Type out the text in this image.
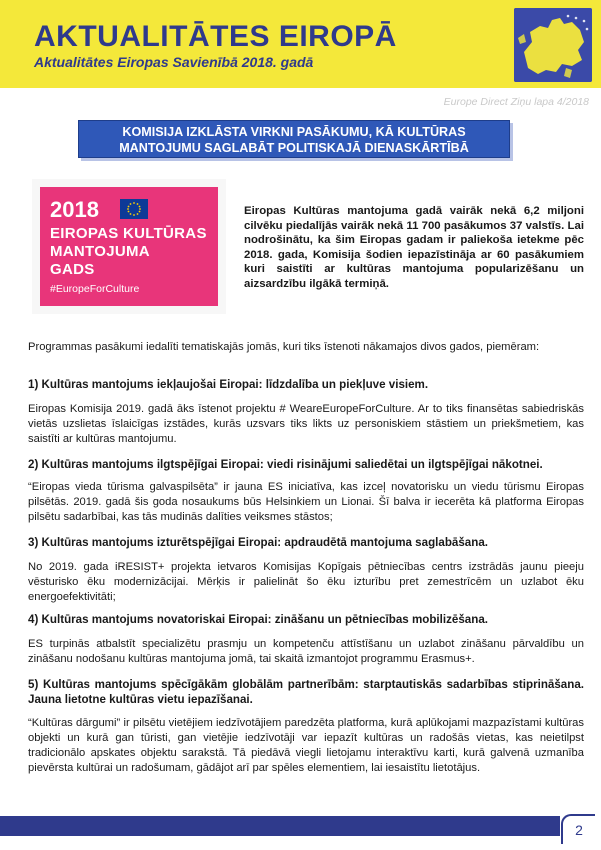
AKTUALITĀTES EIROPĀ
Aktualitātes Eiropas Savienībā 2018. gadā
Europe Direct Ziņu lapa 4/2018
KOMISIJA IZKLĀSTA VIRKNI PASĀKUMU, KĀ KULTŪRAS
MANTOJUMU SAGLABĀT POLITISKAJĀ DIENASKĀRTĪBĀ
2018
EIROPAS KULTŪRAS
MANTOJUMA
GADS
#EuropeForCulture
Eiropas Kultūras mantojuma gadā vairāk nekā 6,2 miljoni cilvēku piedalījās vairāk nekā 11 700 pasākumos 37 valstīs. Lai nodrošinātu, ka šim Eiropas gadam ir paliekoša ietekme pēc 2018. gada, Komisija šodien iepazīstināja ar 60 pasākumiem kuri saistīti ar kultūras mantojuma popularizēšanu un aizsardzību ilgākā termiņā.
Programmas pasākumi iedalīti tematiskajās jomās, kuri tiks īstenoti nākamajos divos gados, piemēram:
1) Kultūras mantojums iekļaujošai Eiropai: līdzdalība un piekļuve visiem.
Eiropas Komisija 2019. gadā āks īstenot projektu # WeareEuropeForCulture. Ar to tiks finansētas sabiedriskās vietās uzslietas īslaicīgas izstādes, kurās uzsvars tiks likts uz personiskiem stāstiem un priekšmetiem, kas saistīti ar kultūras mantojumu.
2) Kultūras mantojums ilgtspējīgai Eiropai: viedi risinājumi saliedētai un ilgtspējīgai nākotnei.
“Eiropas vieda tūrisma galvaspilsēta” ir jauna ES iniciatīva, kas izceļ novatorisku un viedu tūrismu Eiropas pilsētās. 2019. gadā šis goda nosaukums būs Helsinkiem un Lionai. Šī balva ir iecerēta kā platforma Eiropas pilsētu sadarbībai, kas tās mudinās dalīties veiksmes stāstos;
3) Kultūras mantojums izturētspējīgai Eiropai: apdraudētā mantojuma saglabāšana.
No 2019. gada iRESIST+ projekta ietvaros Komisijas Kopīgais pētniecības centrs izstrādās jaunu pieeju vēsturisko ēku modernizācijai. Mērķis ir palielināt šo ēku izturību pret zemestrīcēm un uzlabot ēku energoefektivitāti;
4) Kultūras mantojums novatoriskai Eiropai: zināšanu un pētniecības mobilizēšana.
ES turpinās atbalstīt specializētu prasmju un kompetenču attīstīšanu un uzlabot zināšanu pārvaldību un zināšanu nodošanu kultūras mantojuma jomā, tai skaitā izmantojot programmu Erasmus+.
5) Kultūras mantojums spēcīgākām globālām partnerībām: starptautiskās sadarbības stiprināšana. Jauna lietotne kultūras vietu iepazīšanai.
“Kultūras dārgumi” ir pilsētu vietējiem iedzīvotājiem paredzēta platforma, kurā aplūkojami mazpazīstami kultūras objekti un kurā gan tūristi, gan vietējie iedzīvotāji var iepazīt kultūras un radošās vietas, kas neietilpst tradicionālo apskates objektu sarakstā. Tā piedāvā viegli lietojamu interaktīvu karti, kurā galvenā uzmanība pievērsta kultūrai un radošumam, gādājot arī par spēles elementiem, lai iesaistītu lietotājus.
2
